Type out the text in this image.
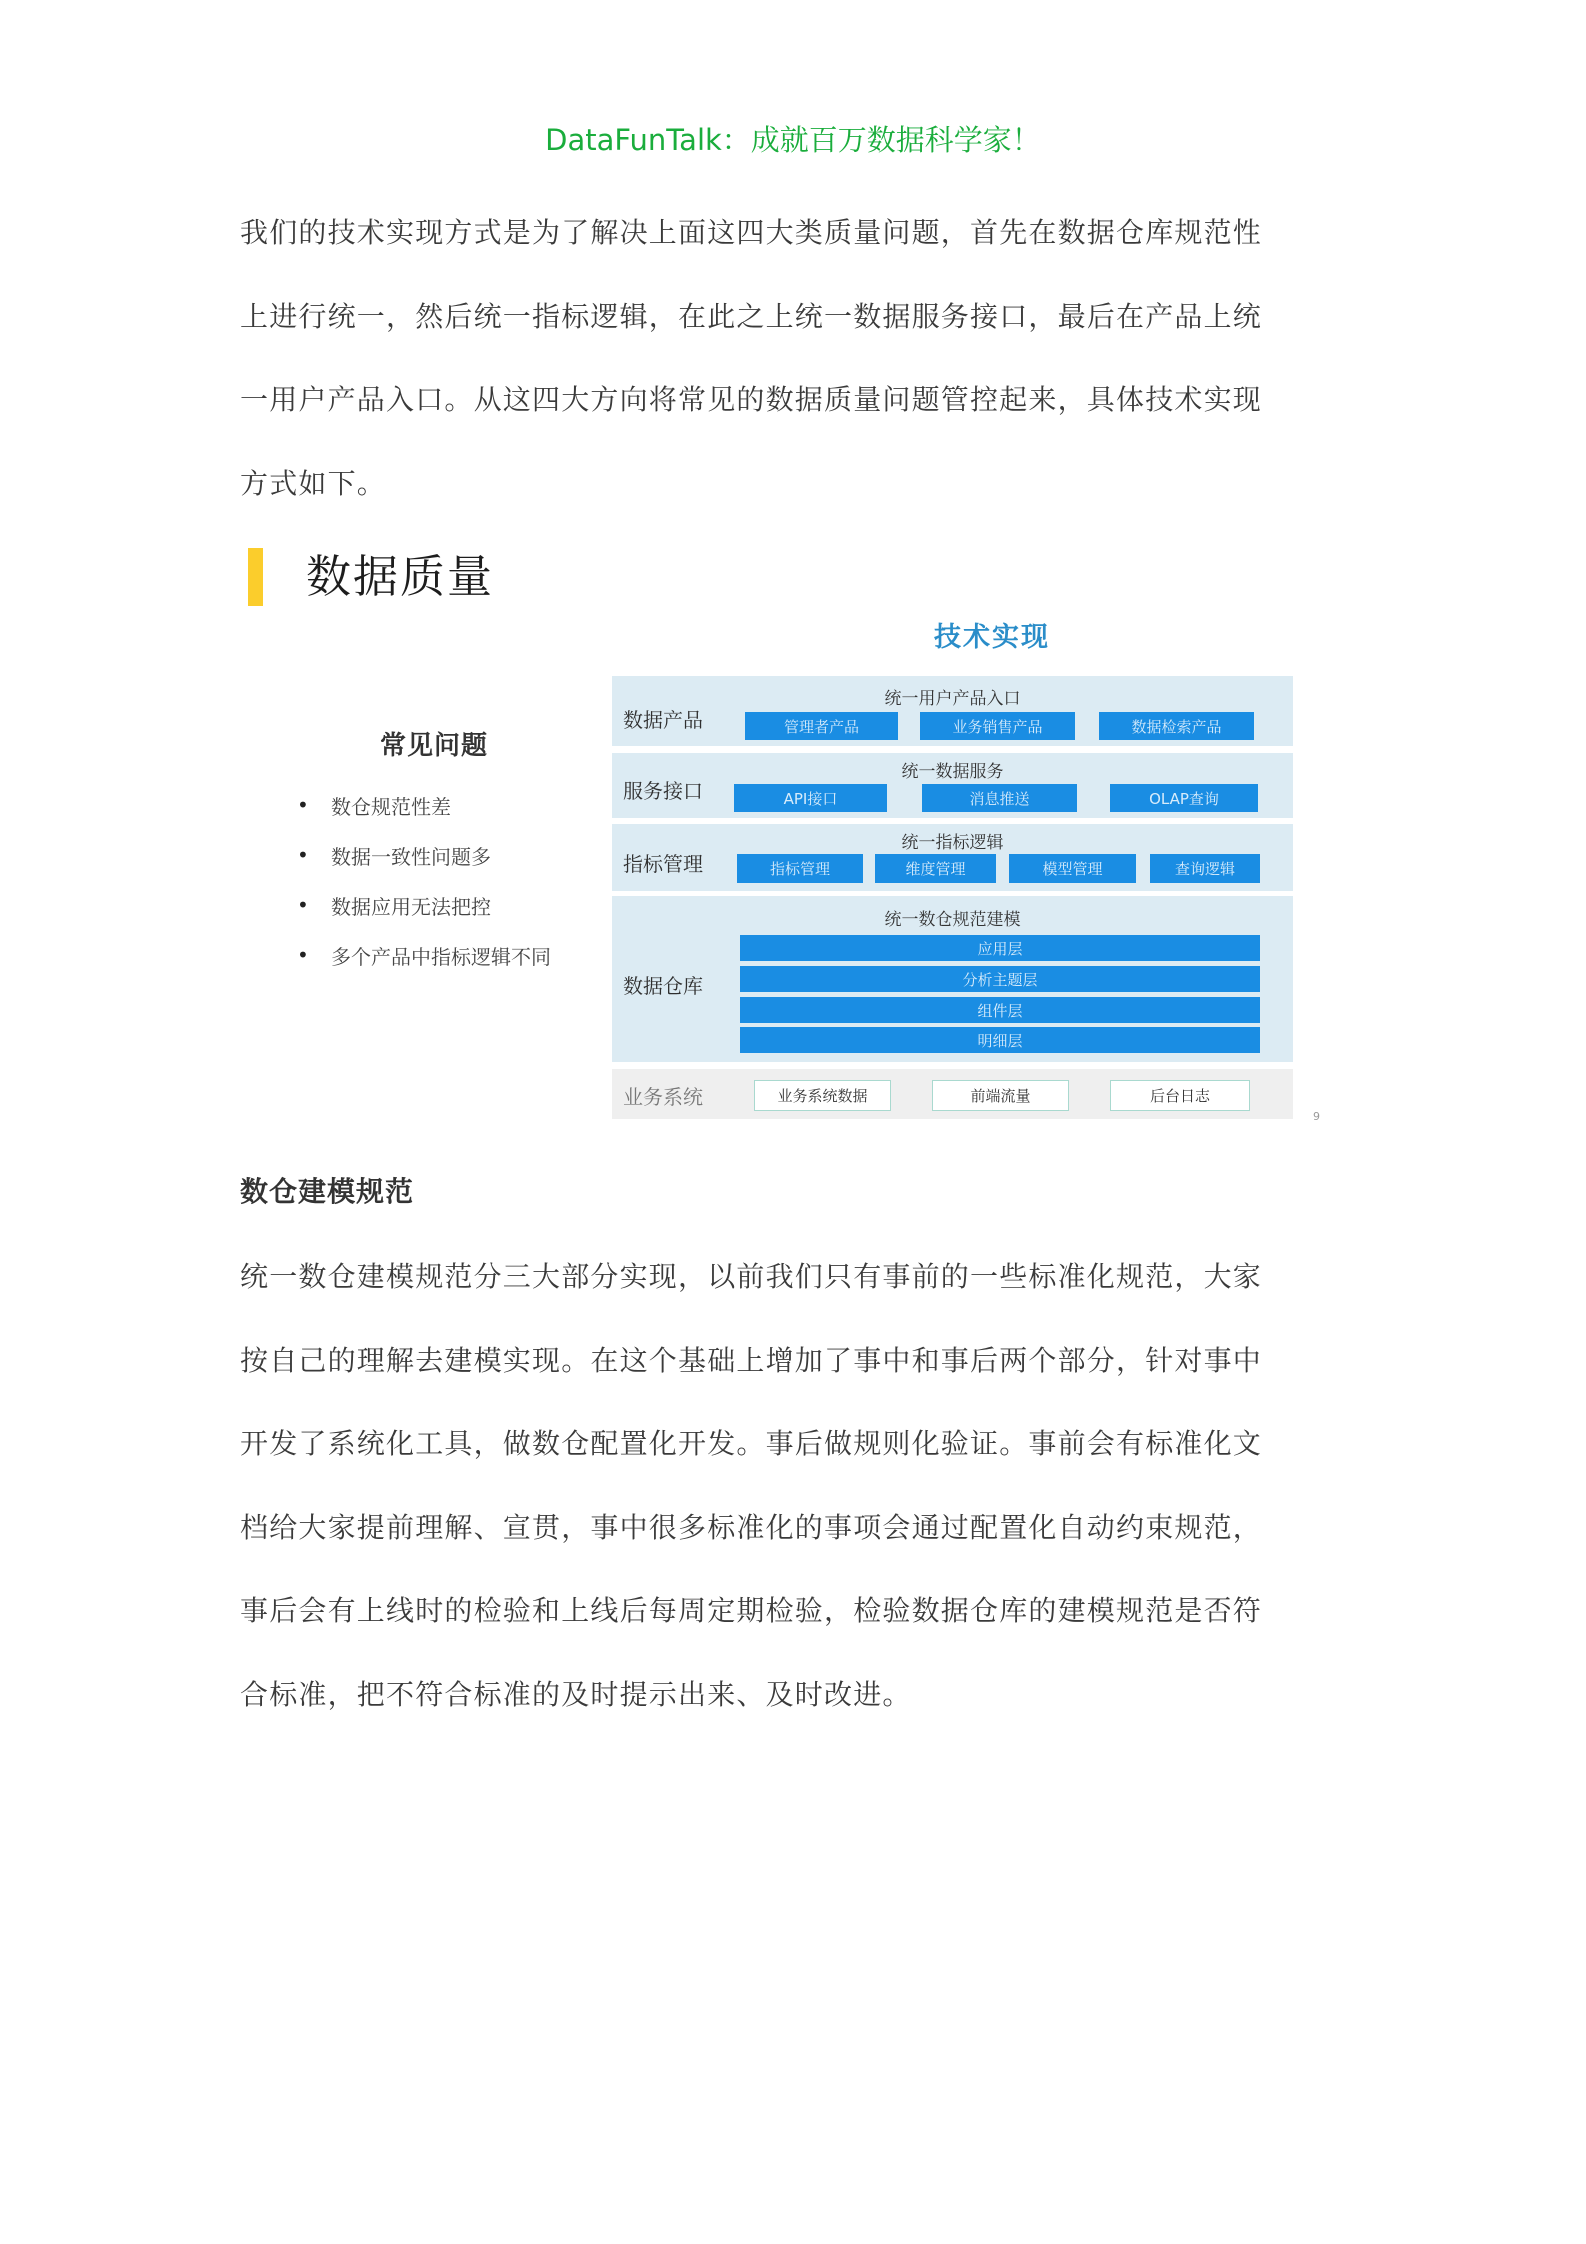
DataFunTalk：成就百万数据科学家！

我们的技术实现方式是为了解决上面这四大类质量问题，首先在数据仓库规范性

上进行统一，然后统一指标逻辑，在此之上统一数据服务接口，最后在产品上统

一用户产品入口。从这四大方向将常见的数据质量问题管控起来，具体技术实现

方式如下。

数据质量
常见问题
•	数仓规范性差
•	数据一致性问题多
•	数据应用无法把控
•	多个产品中指标逻辑不同
技术实现
数据产品
统一用户产品入口
管理者产品	业务销售产品	数据检索产品
服务接口
统一数据服务
API接口	消息推送	OLAP查询
指标管理
统一指标逻辑
指标管理	维度管理	模型管理	查询逻辑
数据仓库
统一数仓规范建模
应用层
分析主题层
组件层
明细层
业务系统	业务系统数据	前端流量	后台日志
9
数仓建模规范

统一数仓建模规范分三大部分实现，以前我们只有事前的一些标准化规范，大家

按自己的理解去建模实现。在这个基础上增加了事中和事后两个部分，针对事中

开发了系统化工具，做数仓配置化开发。事后做规则化验证。事前会有标准化文

档给大家提前理解、宣贯，事中很多标准化的事项会通过配置化自动约束规范，

事后会有上线时的检验和上线后每周定期检验，检验数据仓库的建模规范是否符

合标准，把不符合标准的及时提示出来、及时改进。
